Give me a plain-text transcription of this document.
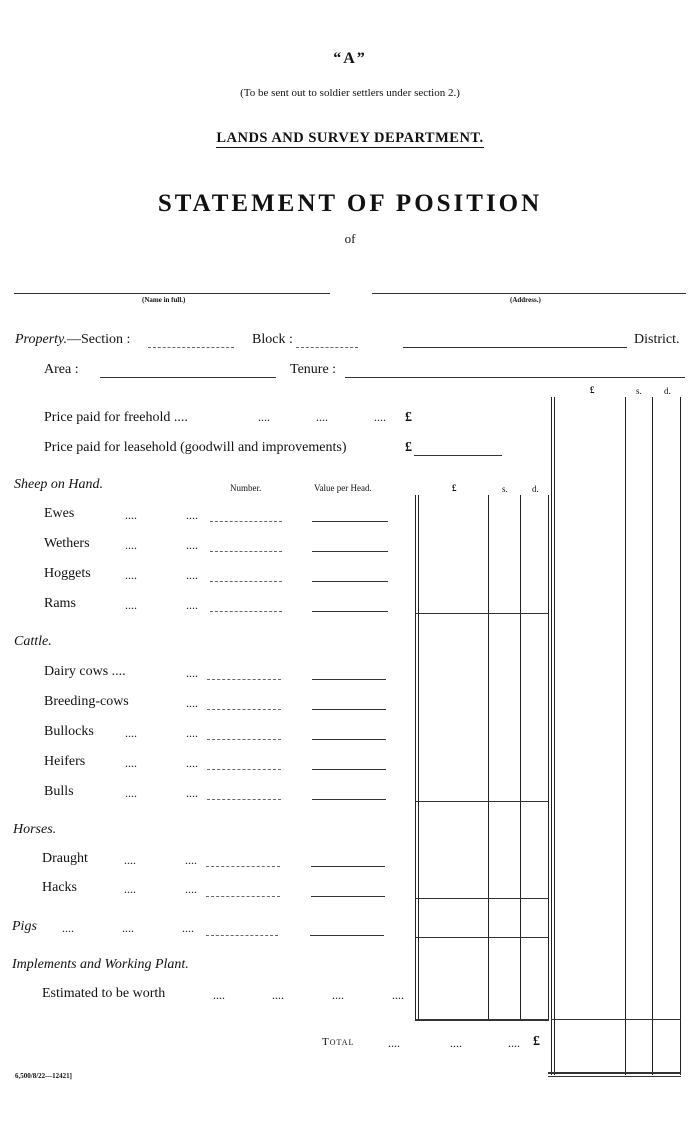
“A”
(To be sent out to soldier settlers under section 2.)
LANDS AND SURVEY DEPARTMENT.
STATEMENT OF POSITION
of
(Name in full.)	(Address.)
Property.—Section :	Block :	District.
Area :	Tenure :
£	s. d.
Price paid for freehold ....	....	....	.... £
Price paid for leasehold (goodwill and improvements)	£
Sheep on Hand.	Number.	Value per Head.	£	s.	d.
Ewes	....	....
Wethers	....	....
Hoggets	....	....
Rams	....	....
Cattle.
Dairy cows ....	....
Breeding-cows	....
Bullocks	....	....
Heifers	....	....
Bulls	....	....
Horses.
Draught	....	....
Hacks	....	....
Pigs ....	....	....
Implements and Working Plant.
Estimated to be worth	....	....	....	....
Total	....	....	.... £
6,500/8/22—12421]
